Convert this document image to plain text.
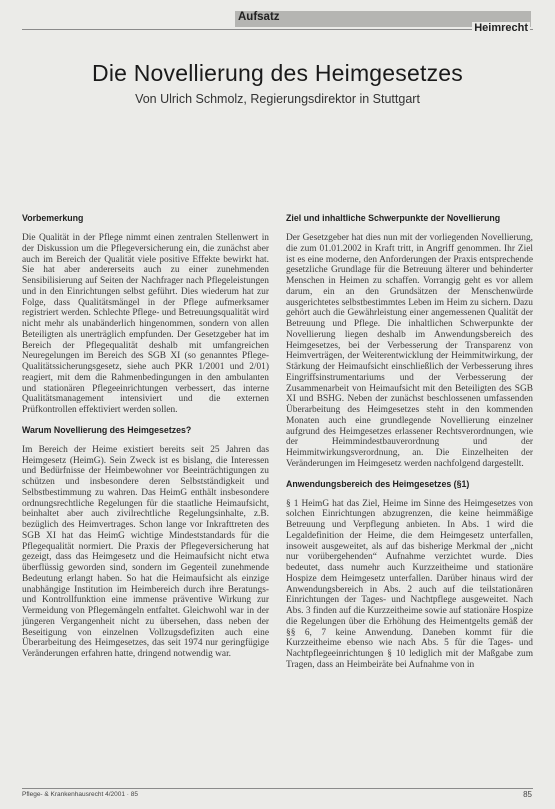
Aufsatz
Heimrecht
Die Novellierung des Heimgesetzes
Von Ulrich Schmolz, Regierungsdirektor in Stuttgart
Vorbemerkung

Die Qualität in der Pflege nimmt einen zentralen Stellenwert in der Diskussion um die Pflegeversicherung ein, die zunächst aber auch im Bereich der Qualität viele positive Effekte bewirkt hat. Sie hat aber andererseits auch zu einer zunehmenden Sensibilisierung auf Seiten der Nachfrager nach Pflegeleistungen und in den Einrichtungen selbst geführt. Dies wiederum hat zur Folge, dass Qualitätsmängel in der Pflege aufmerksamer registriert werden. Schlechte Pflege- und Betreuungsqualität wird nicht mehr als unabänderlich hingenommen, sondern von allen Beteiligten als unerträglich empfunden. Der Gesetzgeber hat im Bereich der Pflegequalität deshalb mit umfangreichen Neuregelungen im Bereich des SGB XI (so genanntes Pflege-Qualitätssicherungsgesetz, siehe auch PKR 1/2001 und 2/01) reagiert, mit dem die Rahmenbedingungen in den ambulanten und stationären Pflegeeinrichtungen verbessert, das interne Qualitätsmanagement intensiviert und die externen Prüfkontrollen effektiviert werden sollen.

Warum Novellierung des Heimgesetzes?

Im Bereich der Heime existiert bereits seit 25 Jahren das Heimgesetz (HeimG). Sein Zweck ist es bislang, die Interessen und Bedürfnisse der Heimbewohner vor Beeinträchtigungen zu schützen und insbesondere deren Selbstständigkeit und Selbstbestimmung zu wahren. Das HeimG enthält insbesondere ordnungsrechtliche Regelungen für die staatliche Heimaufsicht, beinhaltet aber auch zivilrechtliche Regelungsinhalte, z.B. bezüglich des Heimvertrages. Schon lange vor Inkrafttreten des SGB XI hat das HeimG wichtige Mindeststandards für die Pflegequalität normiert. Die Praxis der Pflegeversicherung hat gezeigt, dass das Heimgesetz und die Heimaufsicht nicht etwa überflüssig geworden sind, sondern im Gegenteil zunehmende Bedeutung erlangt haben. So hat die Heimaufsicht als einzige unabhängige Institution im Heimbereich durch ihre Beratungs- und Kontrollfunktion eine immense präventive Wirkung zur Vermeidung von Pflegemängeln entfaltet. Gleichwohl war in der jüngeren Vergangenheit nicht zu übersehen, dass neben der Beseitigung von einzelnen Vollzugsdefiziten auch eine Überarbeitung des Heimgesetzes, das seit 1974 nur geringfügige Veränderungen erfahren hatte, dringend notwendig war.

Ziel und inhaltliche Schwerpunkte der Novellierung

Der Gesetzgeber hat dies nun mit der vorliegenden Novellierung, die zum 01.01.2002 in Kraft tritt, in Angriff genommen. Ihr Ziel ist es eine moderne, den Anforderungen der Praxis entsprechende gesetzliche Grundlage für die Betreuung älterer und behinderter Menschen in Heimen zu schaffen. Vorrangig geht es vor allem darum, ein an den Grundsätzen der Menschenwürde ausgerichtetes selbstbestimmtes Leben im Heim zu sichern. Dazu gehört auch die Gewährleistung einer angemessenen Qualität der Betreuung und Pflege. Die inhaltlichen Schwerpunkte der Novellierung liegen deshalb im Anwendungsbereich des Heimgesetzes, bei der Verbesserung der Transparenz von Heimverträgen, der Weiterentwicklung der Heimmitwirkung, der Stärkung der Heimaufsicht einschließlich der Verbesserung ihres Eingriffsinstrumentariums und der Verbesserung der Zusammenarbeit von Heimaufsicht mit den Beteiligten des SGB XI und BSHG. Neben der zunächst beschlossenen umfassenden Überarbeitung des Heimgesetzes steht in den kommenden Monaten auch eine grundlegende Novellierung einzelner aufgrund des Heimgesetzes erlassener Rechtsverordnungen, wie der Heimmindestbauverordnung und der Heimmitwirkungsverordnung, an. Die Einzelheiten der Veränderungen im Heimgesetz werden nachfolgend dargestellt.

Anwendungsbereich des Heimgesetzes (§1)

§ 1 HeimG hat das Ziel, Heime im Sinne des Heimgesetzes von solchen Einrichtungen abzugrenzen, die keine heimmäßige Betreuung und Verpflegung anbieten. In Abs. 1 wird die Legaldefinition der Heime, die dem Heimgesetz unterfallen, insoweit ausgeweitet, als auf das bisherige Merkmal der „nicht nur vorübergehenden“ Aufnahme verzichtet wurde. Dies bedeutet, dass numehr auch Kurzzeitheime und stationäre Hospize dem Heimgesetz unterfallen. Darüber hinaus wird der Anwendungsbereich in Abs. 2 auch auf die teilstationären Einrichtungen der Tages- und Nachtpflege ausgeweitet. Nach Abs. 3 finden auf die Kurzzeitheime sowie auf stationäre Hospize die Regelungen über die Erhöhung des Heimentgelts gemäß der §§ 6, 7 keine Anwendung. Daneben kommt für die Kurzzeitheime ebenso wie nach Abs. 5 für die Tages- und Nachtpflegeeinrichtungen § 10 lediglich mit der Maßgabe zum Tragen, dass an Heimbeiräte bei Aufnahme von in

Pflege- & Krankenhausrecht 4/2001 · 85	85
